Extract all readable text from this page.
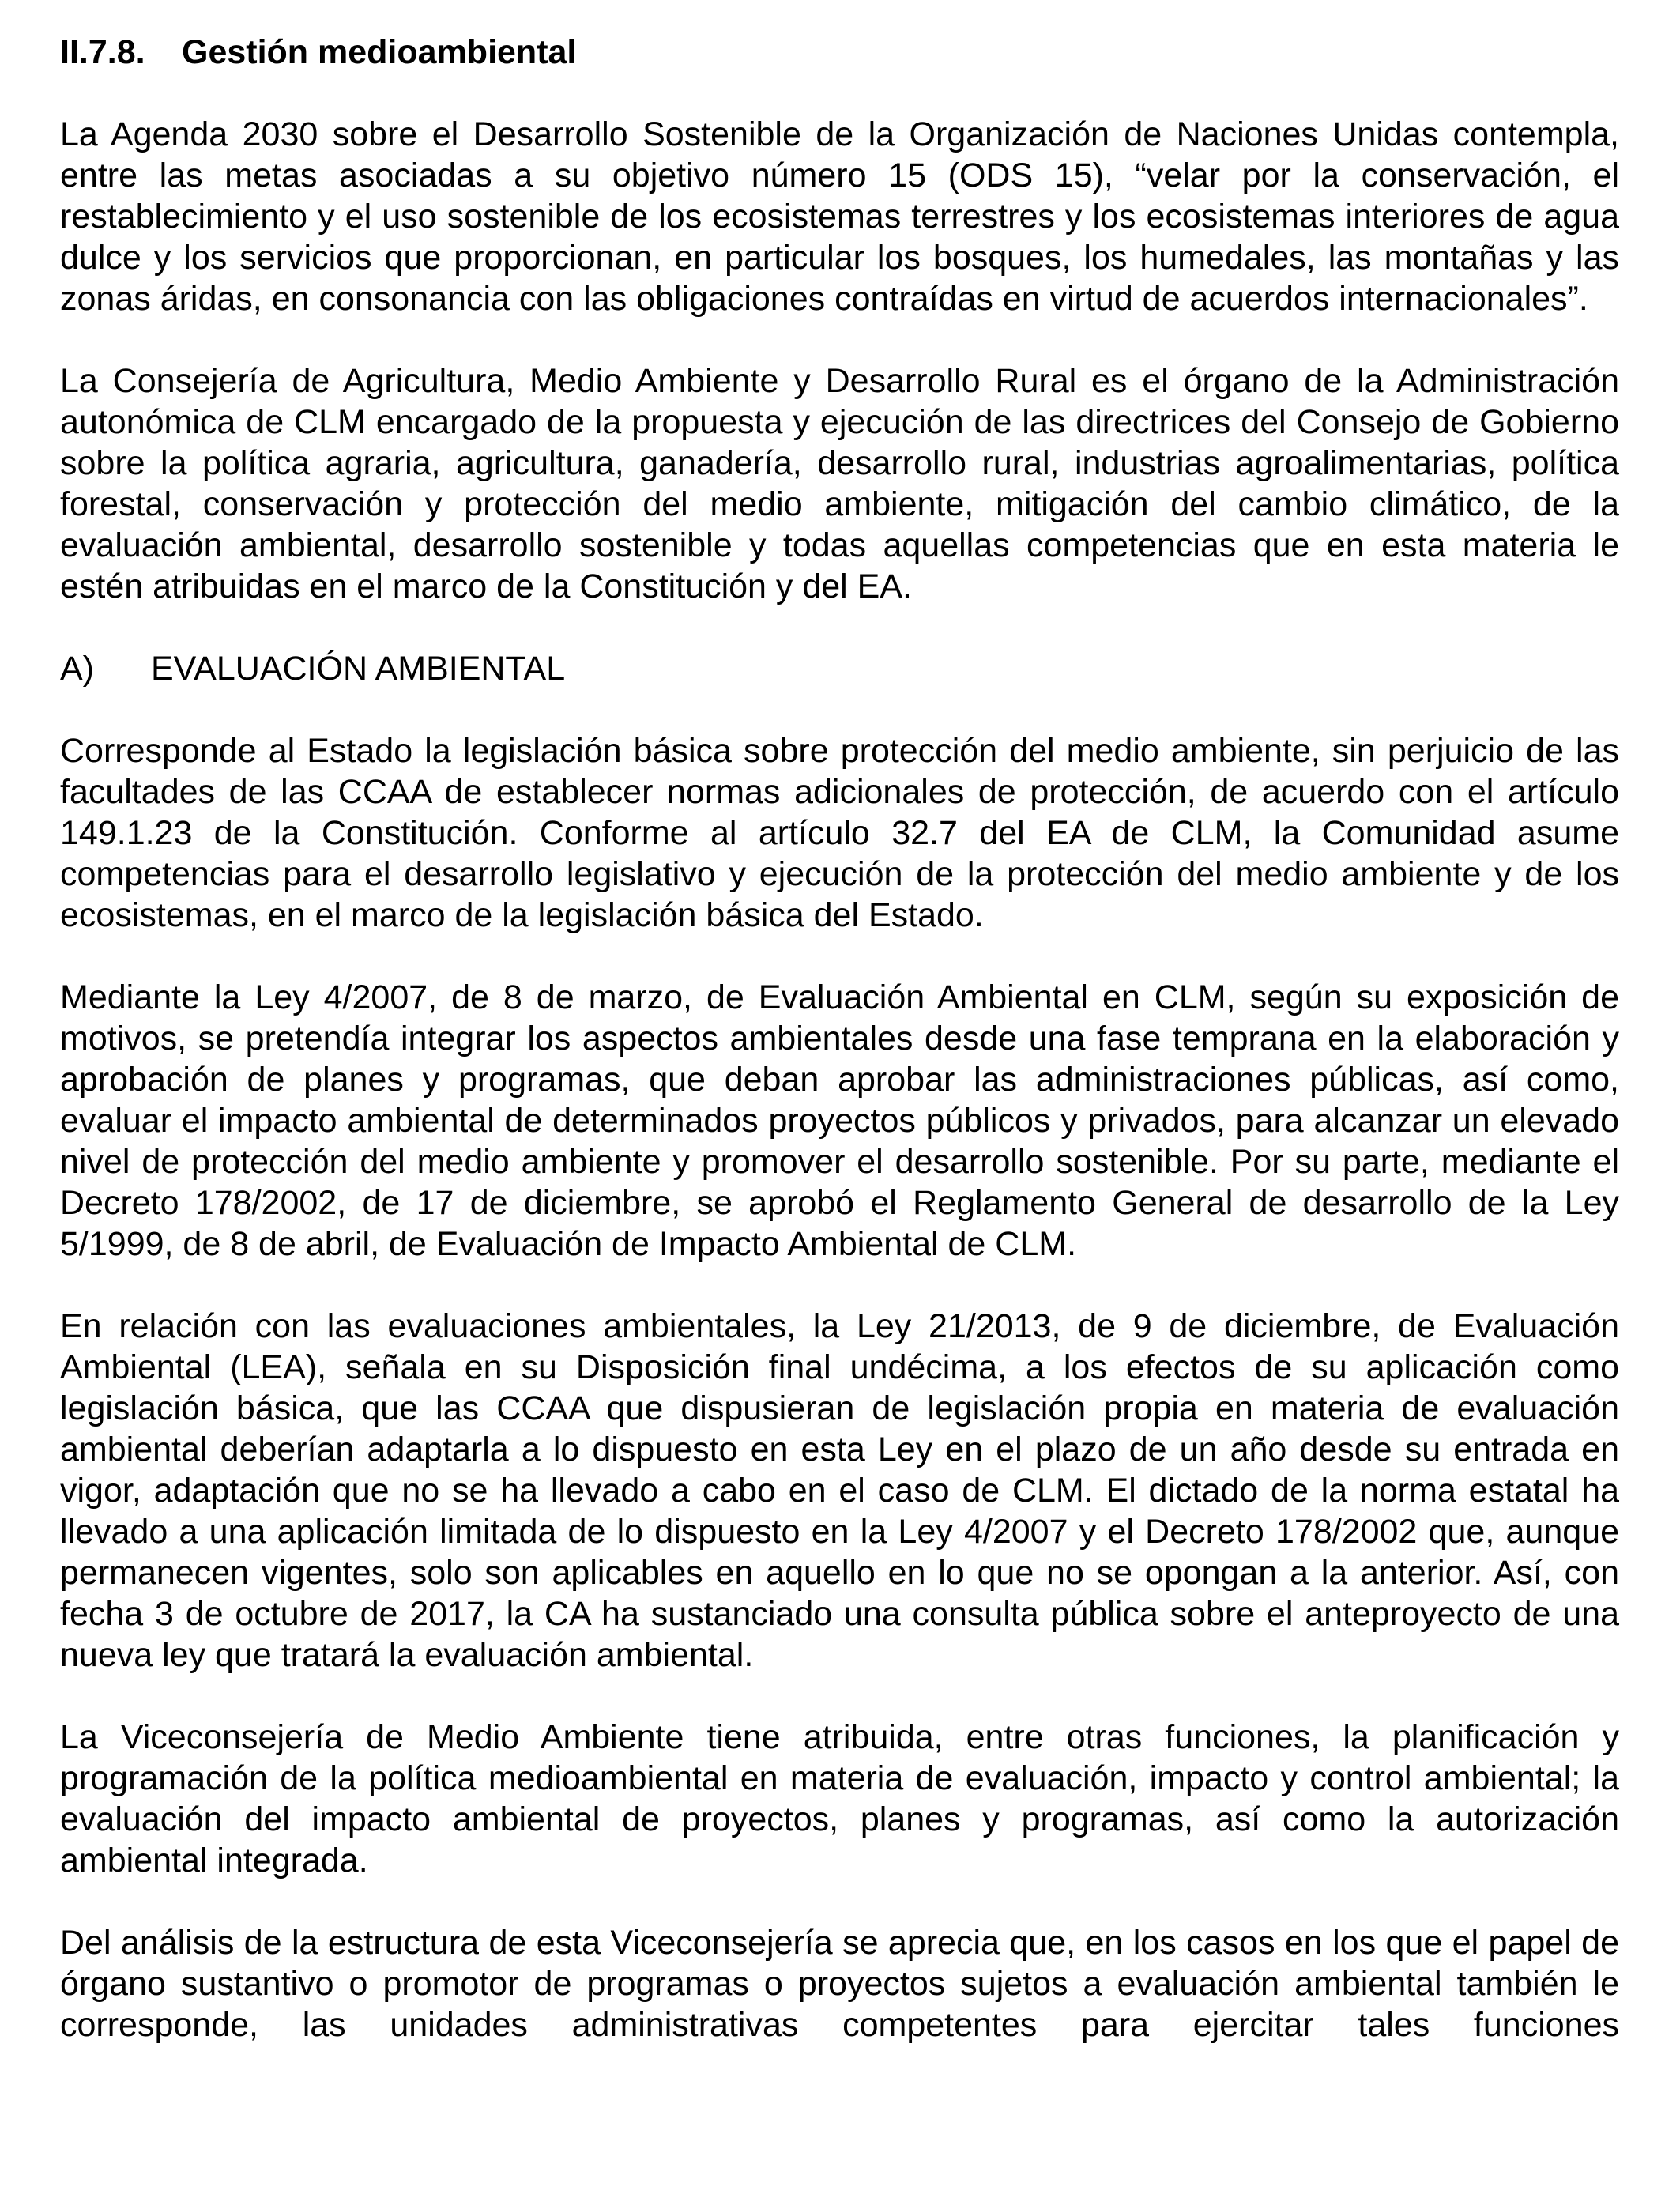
II.7.8. Gestión medioambiental

La Agenda 2030 sobre el Desarrollo Sostenible de la Organización de Naciones Unidas contempla, entre las metas asociadas a su objetivo número 15 (ODS 15), “velar por la conservación, el restablecimiento y el uso sostenible de los ecosistemas terrestres y los ecosistemas interiores de agua dulce y los servicios que proporcionan, en particular los bosques, los humedales, las montañas y las zonas áridas, en consonancia con las obligaciones contraídas en virtud de acuerdos internacionales”.

La Consejería de Agricultura, Medio Ambiente y Desarrollo Rural es el órgano de la Administración autonómica de CLM encargado de la propuesta y ejecución de las directrices del Consejo de Gobierno sobre la política agraria, agricultura, ganadería, desarrollo rural, industrias agroalimentarias, política forestal, conservación y protección del medio ambiente, mitigación del cambio climático, de la evaluación ambiental, desarrollo sostenible y todas aquellas competencias que en esta materia le estén atribuidas en el marco de la Constitución y del EA.

A) EVALUACIÓN AMBIENTAL

Corresponde al Estado la legislación básica sobre protección del medio ambiente, sin perjuicio de las facultades de las CCAA de establecer normas adicionales de protección, de acuerdo con el artículo 149.1.23 de la Constitución. Conforme al artículo 32.7 del EA de CLM, la Comunidad asume competencias para el desarrollo legislativo y ejecución de la protección del medio ambiente y de los ecosistemas, en el marco de la legislación básica del Estado.

Mediante la Ley 4/2007, de 8 de marzo, de Evaluación Ambiental en CLM, según su exposición de motivos, se pretendía integrar los aspectos ambientales desde una fase temprana en la elaboración y aprobación de planes y programas, que deban aprobar las administraciones públicas, así como, evaluar el impacto ambiental de determinados proyectos públicos y privados, para alcanzar un elevado nivel de protección del medio ambiente y promover el desarrollo sostenible. Por su parte, mediante el Decreto 178/2002, de 17 de diciembre, se aprobó el Reglamento General de desarrollo de la Ley 5/1999, de 8 de abril, de Evaluación de Impacto Ambiental de CLM.

En relación con las evaluaciones ambientales, la Ley 21/2013, de 9 de diciembre, de Evaluación Ambiental (LEA), señala en su Disposición final undécima, a los efectos de su aplicación como legislación básica, que las CCAA que dispusieran de legislación propia en materia de evaluación ambiental deberían adaptarla a lo dispuesto en esta Ley en el plazo de un año desde su entrada en vigor, adaptación que no se ha llevado a cabo en el caso de CLM. El dictado de la norma estatal ha llevado a una aplicación limitada de lo dispuesto en la Ley 4/2007 y el Decreto 178/2002 que, aunque permanecen vigentes, solo son aplicables en aquello en lo que no se opongan a la anterior. Así, con fecha 3 de octubre de 2017, la CA ha sustanciado una consulta pública sobre el anteproyecto de una nueva ley que tratará la evaluación ambiental.

La Viceconsejería de Medio Ambiente tiene atribuida, entre otras funciones, la planificación y programación de la política medioambiental en materia de evaluación, impacto y control ambiental; la evaluación del impacto ambiental de proyectos, planes y programas, así como la autorización ambiental integrada.

Del análisis de la estructura de esta Viceconsejería se aprecia que, en los casos en los que el papel de órgano sustantivo o promotor de programas o proyectos sujetos a evaluación ambiental también le corresponde, las unidades administrativas competentes para ejercitar tales funciones
